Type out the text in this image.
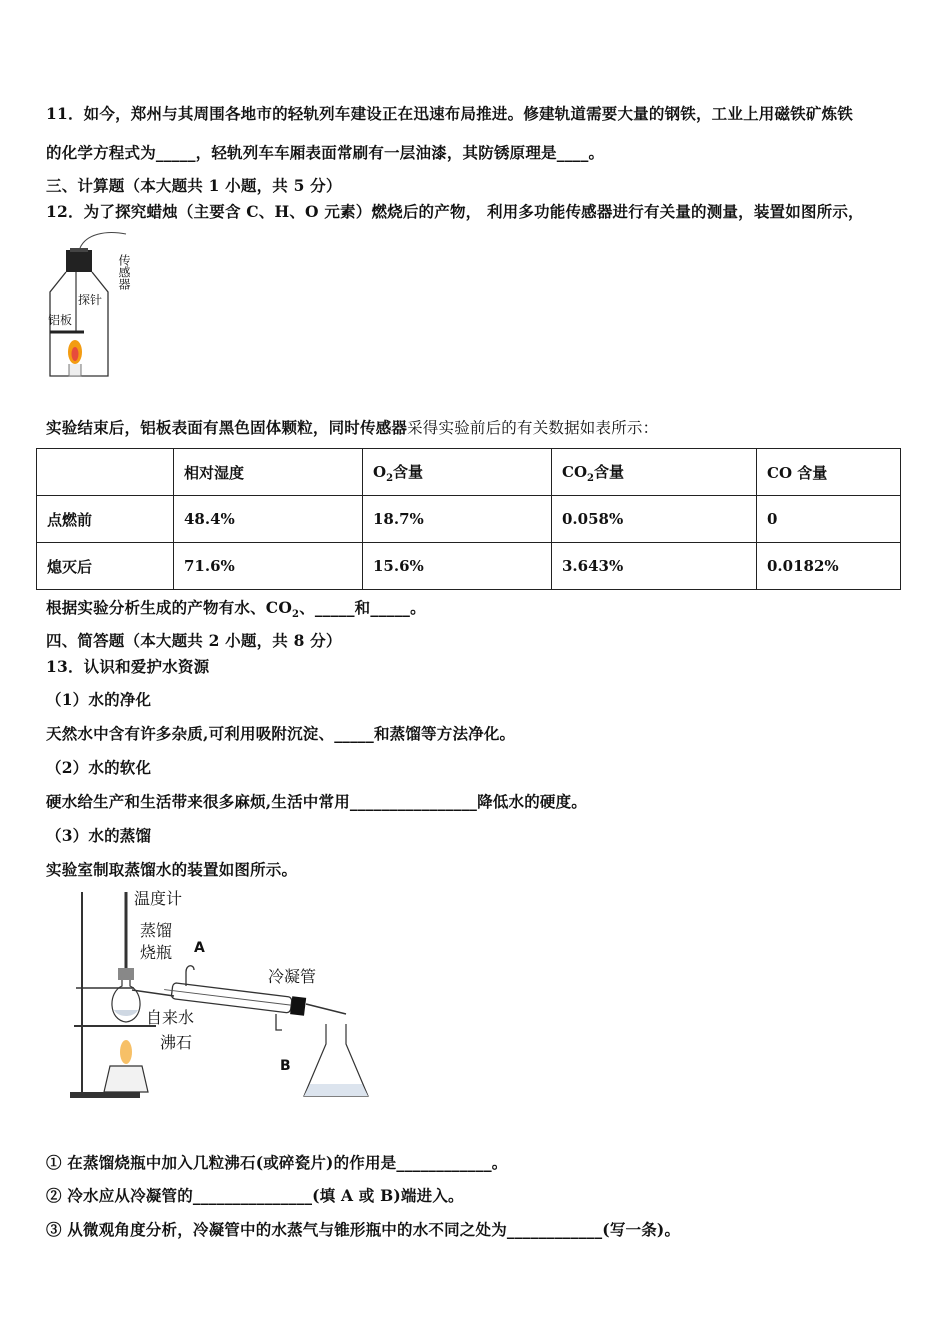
11．如今，郑州与其周围各地市的轻轨列车建设正在迅速布局推进。修建轨道需要大量的钢铁，工业上用磁铁矿炼铁
的化学方程式为_____，轻轨列车车厢表面常刷有一层油漆，其防锈原理是____。
三、计算题（本大题共 1 小题，共 5 分）
12．为了探究蜡烛（主要含 C、H、O 元素）燃烧后的产物， 利用多功能传感器进行有关量的测量，装置如图所示，
探针
铝板
传感器
实验结束后，铝板表面有黑色固体颗粒，同时传感器采得实验前后的有关数据如表所示：
	相对湿度	$O_2$含量	$CO_2$含量	CO 含量
点燃前	48.4%	18.7%	0.058%	0
熄灭后	71.6%	15.6%	3.643%	0.0182%
根据实验分析生成的产物有水、$CO_2$、_____和_____。
四、简答题（本大题共 2 小题，共 8 分）
13．认识和爱护水资源
（1）水的净化
天然水中含有许多杂质,可利用吸附沉淀、_____和蒸馏等方法净化。
（2）水的软化
硬水给生产和生活带来很多麻烦,生活中常用________________降低水的硬度。
（3）水的蒸馏
实验室制取蒸馏水的装置如图所示。
温度计
蒸馏
烧瓶 A
冷凝管
自来水
沸石
B
① 在蒸馏烧瓶中加入几粒沸石(或碎瓷片)的作用是____________。
② 冷水应从冷凝管的_______________(填 A 或 B)端进入。
③ 从微观角度分析，冷凝管中的水蒸气与锥形瓶中的水不同之处为____________(写一条)。
